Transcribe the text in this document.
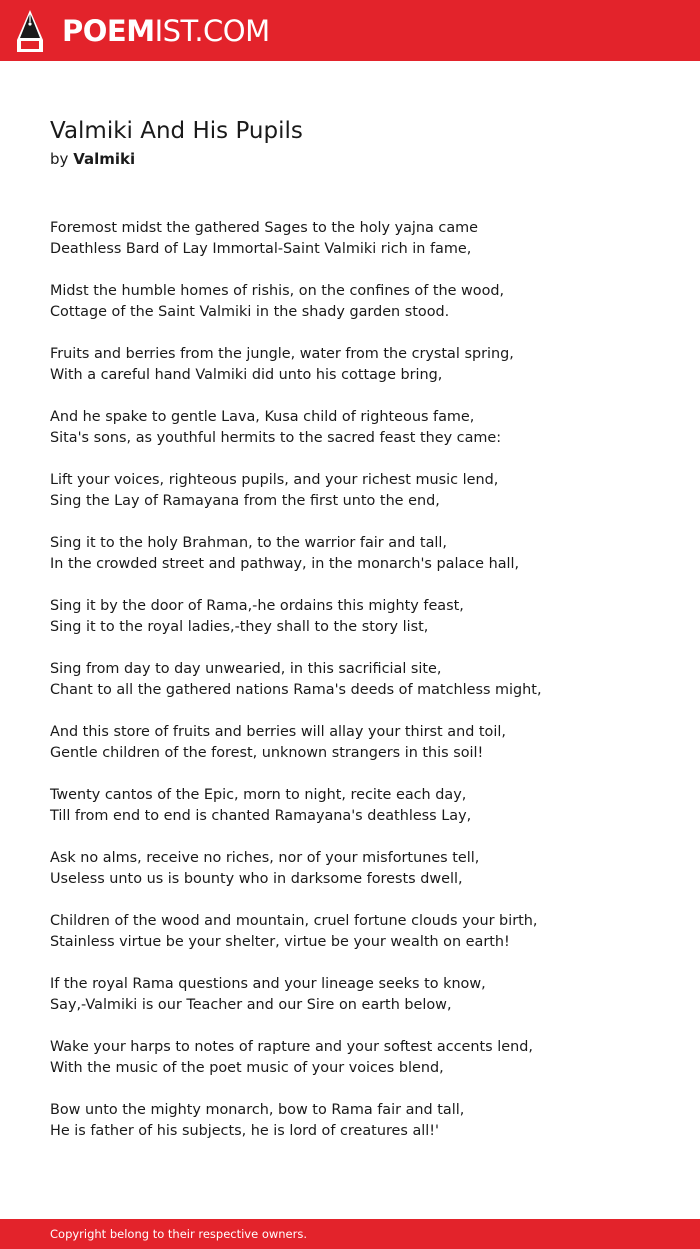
POEMIST.COM
Valmiki And His Pupils
by Valmiki

Foremost midst the gathered Sages to the holy yajna came
Deathless Bard of Lay Immortal-Saint Valmiki rich in fame,

Midst the humble homes of rishis, on the confines of the wood,
Cottage of the Saint Valmiki in the shady garden stood.

Fruits and berries from the jungle, water from the crystal spring,
With a careful hand Valmiki did unto his cottage bring,

And he spake to gentle Lava, Kusa child of righteous fame,
Sita's sons, as youthful hermits to the sacred feast they came:

Lift your voices, righteous pupils, and your richest music lend,
Sing the Lay of Ramayana from the first unto the end,

Sing it to the holy Brahman, to the warrior fair and tall,
In the crowded street and pathway, in the monarch's palace hall,

Sing it by the door of Rama,-he ordains this mighty feast,
Sing it to the royal ladies,-they shall to the story list,

Sing from day to day unwearied, in this sacrificial site,
Chant to all the gathered nations Rama's deeds of matchless might,

And this store of fruits and berries will allay your thirst and toil,
Gentle children of the forest, unknown strangers in this soil!

Twenty cantos of the Epic, morn to night, recite each day,
Till from end to end is chanted Ramayana's deathless Lay,

Ask no alms, receive no riches, nor of your misfortunes tell,
Useless unto us is bounty who in darksome forests dwell,

Children of the wood and mountain, cruel fortune clouds your birth,
Stainless virtue be your shelter, virtue be your wealth on earth!

If the royal Rama questions and your lineage seeks to know,
Say,-Valmiki is our Teacher and our Sire on earth below,

Wake your harps to notes of rapture and your softest accents lend,
With the music of the poet music of your voices blend,

Bow unto the mighty monarch, bow to Rama fair and tall,
He is father of his subjects, he is lord of creatures all!'

Copyright belong to their respective owners.
